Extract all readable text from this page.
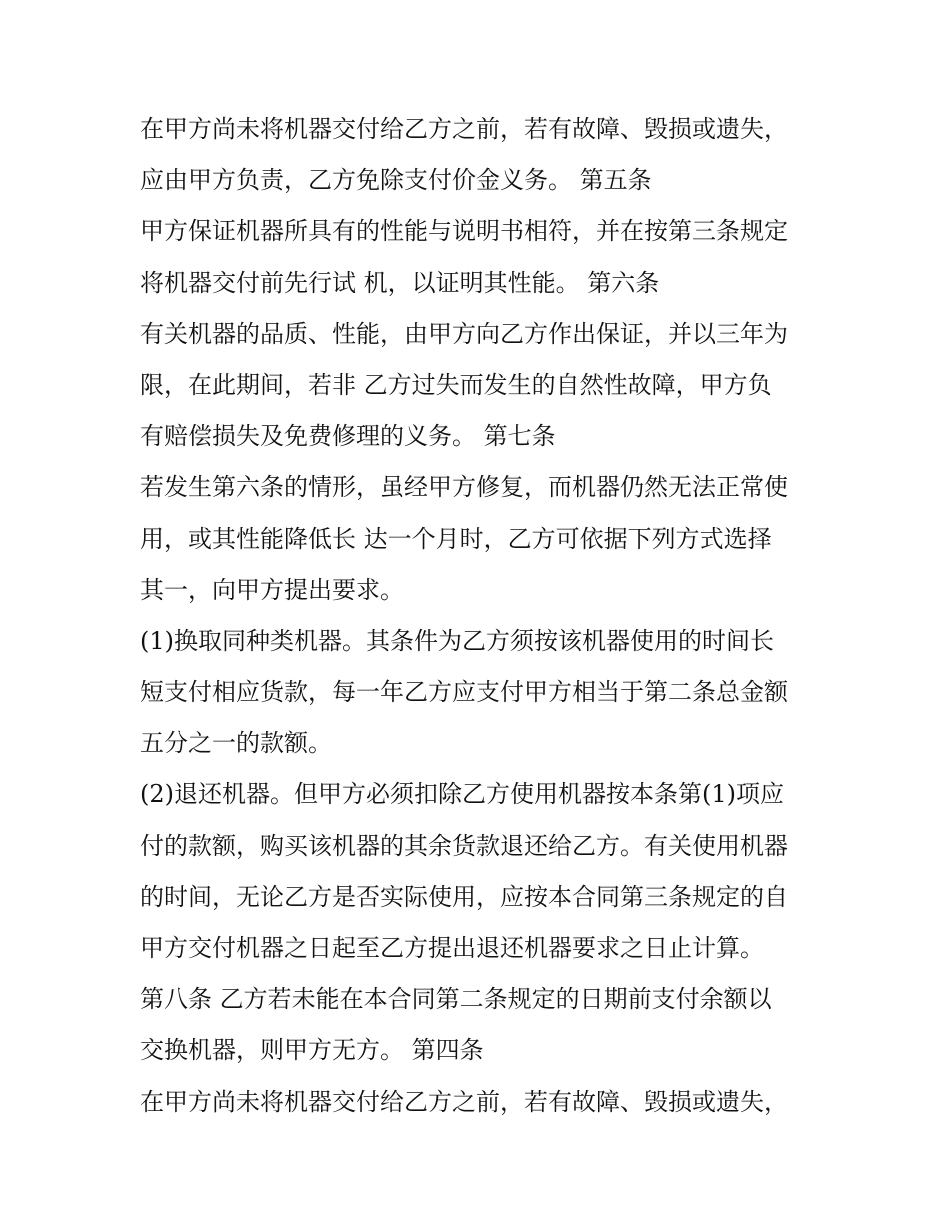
在甲方尚未将机器交付给乙方之前，若有故障、毁损或遗失，
应由甲方负责，乙方免除支付价金义务。 第五条
甲方保证机器所具有的性能与说明书相符，并在按第三条规定
将机器交付前先行试 机，以证明其性能。 第六条
有关机器的品质、性能，由甲方向乙方作出保证，并以三年为
限，在此期间，若非 乙方过失而发生的自然性故障，甲方负
有赔偿损失及免费修理的义务。 第七条
若发生第六条的情形，虽经甲方修复，而机器仍然无法正常使
用，或其性能降低长 达一个月时，乙方可依据下列方式选择
其一，向甲方提出要求。
(1)换取同种类机器。其条件为乙方须按该机器使用的时间长
短支付相应货款，每一年乙方应支付甲方相当于第二条总金额
五分之一的款额。
(2)退还机器。但甲方必须扣除乙方使用机器按本条第(1)项应
付的款额，购买该机器的其余货款退还给乙方。有关使用机器
的时间，无论乙方是否实际使用，应按本合同第三条规定的自
甲方交付机器之日起至乙方提出退还机器要求之日止计算。
第八条 乙方若未能在本合同第二条规定的日期前支付余额以
交换机器，则甲方无方。 第四条
在甲方尚未将机器交付给乙方之前，若有故障、毁损或遗失，
